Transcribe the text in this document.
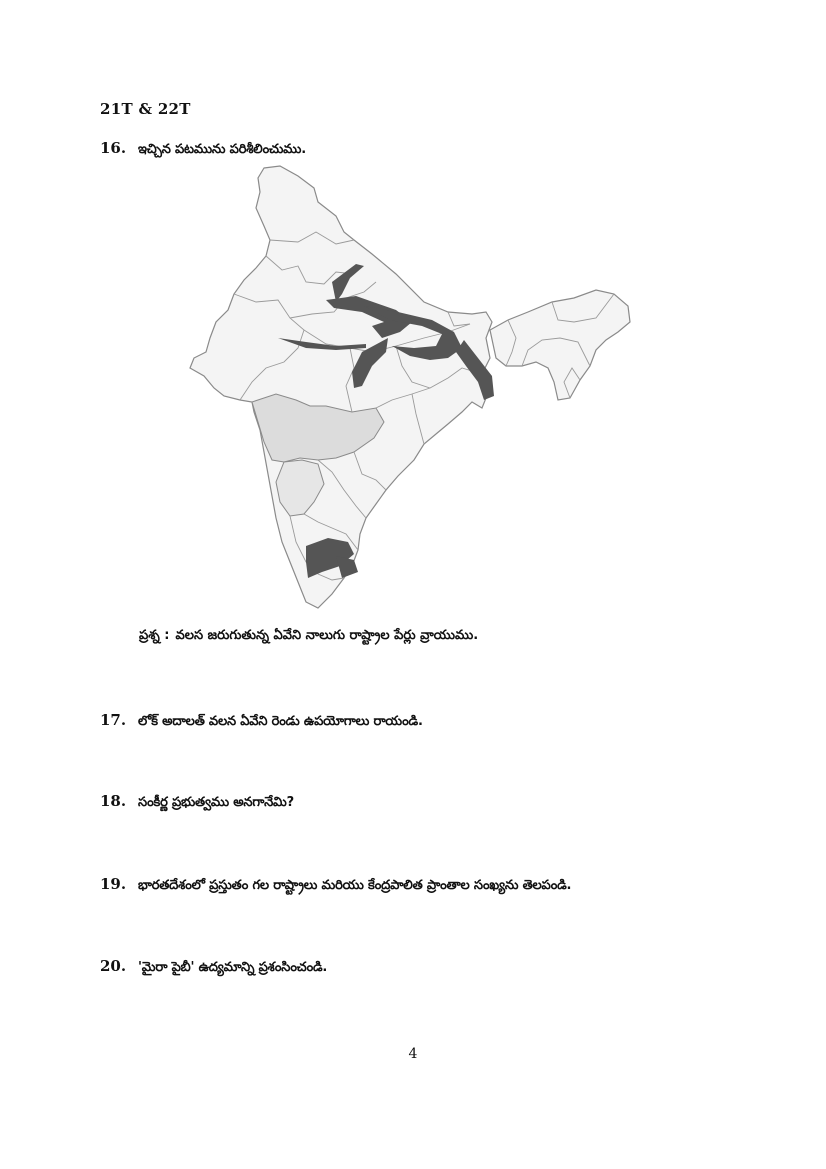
21T & 22T
16. ఇచ్చిన పటమును పరిశీలించుము.
ప్రశ్న : వలస జరుగుతున్న ఏవేని నాలుగు రాష్ట్రాల పేర్లు వ్రాయుము.
17. లోక్ అదాలత్ వలన ఏవేని రెండు ఉపయోగాలు రాయండి.
18. సంకీర్ణ ప్రభుత్వము అనగానేమి?
19. భారతదేశంలో ప్రస్తుతం గల రాష్ట్రాలు మరియు కేంద్రపాలిత ప్రాంతాల సంఖ్యను తెలపండి.
20. 'మైరా పైబీ' ఉద్యమాన్ని ప్రశంసించండి.
4
